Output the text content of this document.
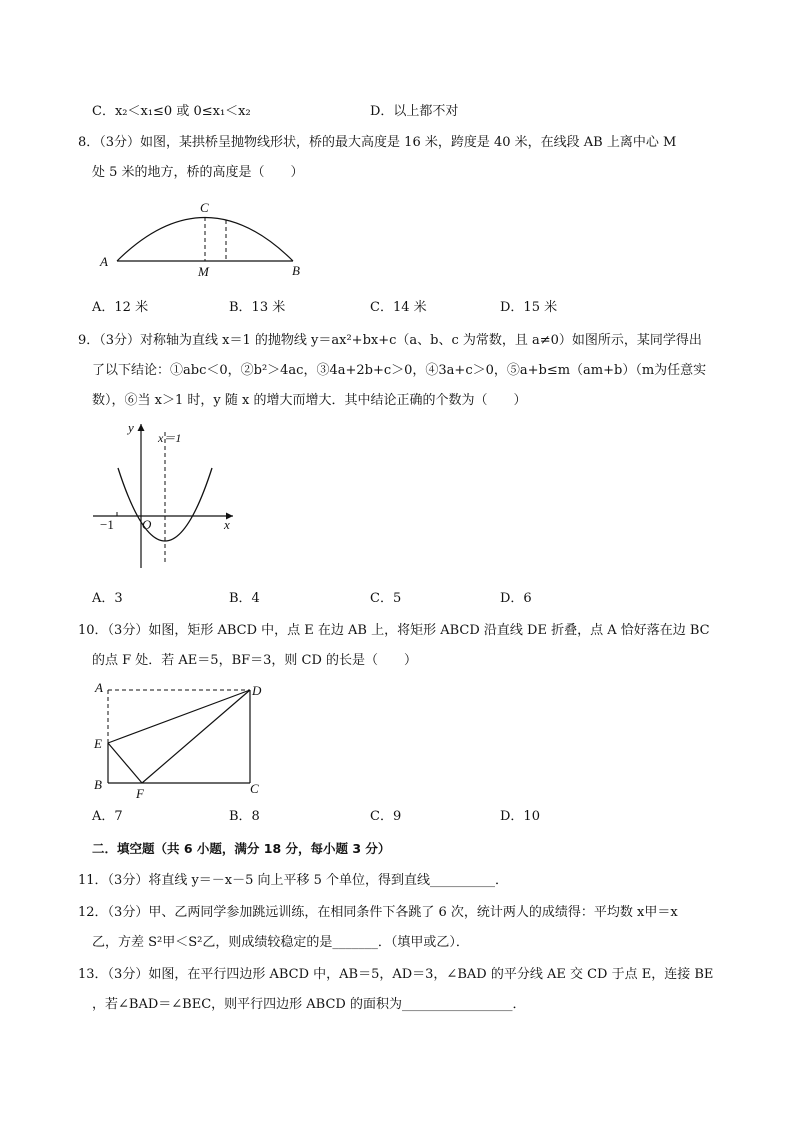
C．x₂＜x₁≤0 或 0≤x₁＜x₂	D．以上都不对
8．（3分）如图，某拱桥呈抛物线形状，桥的最大高度是 16 米，跨度是 40 米，在线段 AB 上离中心 M
处 5 米的地方，桥的高度是（　　）
A
B
C
M
A．12 米	B．13 米	C．14 米	D．15 米
9．（3分）对称轴为直线 x＝1 的抛物线 y＝ax²+bx+c（a、b、c 为常数，且 a≠0）如图所示，某同学得出
了以下结论：①abc＜0，②b²＞4ac，③4a+2b+c＞0，④3a+c＞0，⑤a+b≤m（am+b）（m为任意实
数），⑥当 x＞1 时，y 随 x 的增大而增大．其中结论正确的个数为（　　）
y
x
x＝1
O
−1
A．3	B．4	C．5	D．6
10．（3分）如图，矩形 ABCD 中，点 E 在边 AB 上，将矩形 ABCD 沿直线 DE 折叠，点 A 恰好落在边 BC
的点 F 处．若 AE＝5，BF＝3，则 CD 的长是（　　）
A	D
E
B
F	C
A．7	B．8	C．9	D．10
二．填空题（共 6 小题，满分 18 分，每小题 3 分）
11．（3分）将直线 y＝－x－5 向上平移 5 个单位，得到直线__________．
12．（3分）甲、乙两同学参加跳远训练，在相同条件下各跳了 6 次，统计两人的成绩得：平均数 x甲＝x
乙，方差 S²甲＜S²乙，则成绩较稳定的是_______．（填甲或乙）．
13．（3分）如图，在平行四边形 ABCD 中，AB＝5，AD＝3，∠BAD 的平分线 AE 交 CD 于点 E，连接 BE
，若∠BAD＝∠BEC，则平行四边形 ABCD 的面积为_________________．
